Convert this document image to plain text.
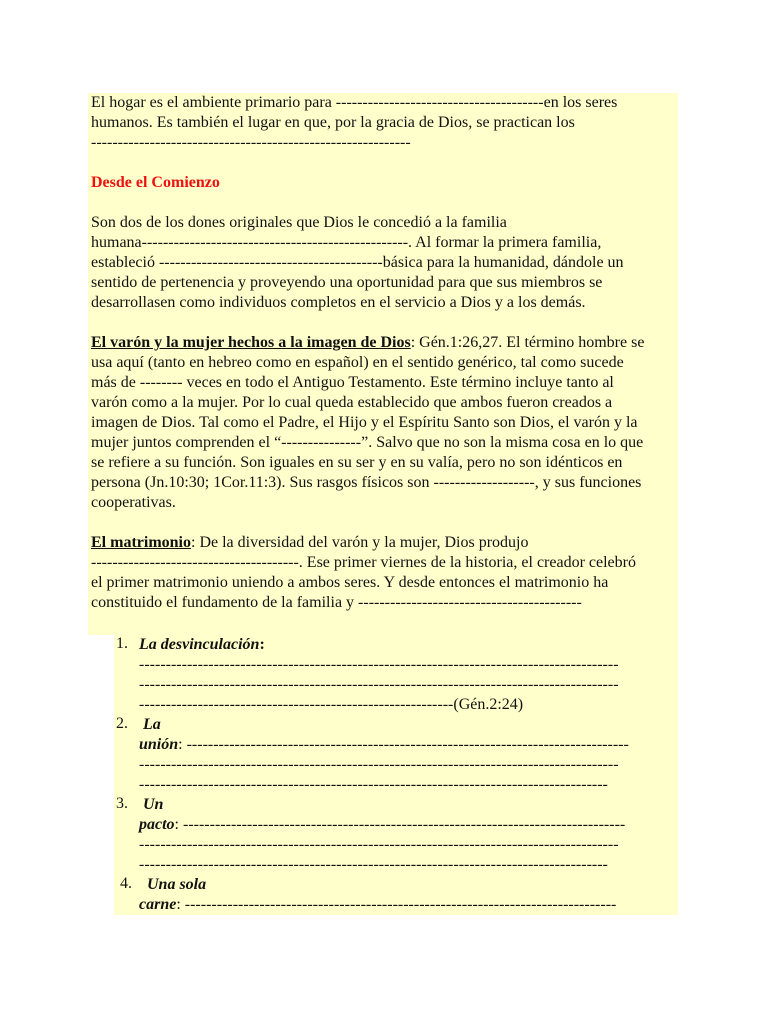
El hogar es el ambiente primario para ---------------------------------------en los seres

humanos. Es también el lugar en que, por la gracia de Dios, se practican los

------------------------------------------------------------

Desde el Comienzo

Son dos de los dones originales que Dios le concedió a la familia

humana--------------------------------------------------. Al formar la primera familia,

estableció ------------------------------------------básica para la humanidad, dándole un

sentido de pertenencia y proveyendo una oportunidad para que sus miembros se

desarrollasen como individuos completos en el servicio a Dios y a los demás.

El varón y la mujer hechos a la imagen de Dios: Gén.1:26,27. El término hombre se

usa aquí (tanto en hebreo como en español) en el sentido genérico, tal como sucede

más de -------- veces en todo el Antiguo Testamento. Este término incluye tanto al

varón como a la mujer. Por lo cual queda establecido que ambos fueron creados a

imagen de Dios. Tal como el Padre, el Hijo y el Espíritu Santo son Dios, el varón y la

mujer juntos comprenden el “---------------”. Salvo que no son la misma cosa en lo que

se refiere a su función. Son iguales en su ser y en su valía, pero no son idénticos en

persona (Jn.10:30; 1Cor.11:3). Sus rasgos físicos son -------------------, y sus funciones

cooperativas.

El matrimonio: De la diversidad del varón y la mujer, Dios produjo

---------------------------------------. Ese primer viernes de la historia, el creador celebró

el primer matrimonio uniendo a ambos seres. Y desde entonces el matrimonio ha

constituido el fundamento de la familia y ------------------------------------------

1. La desvinculación:

------------------------------------------------------------------------------------------

------------------------------------------------------------------------------------------

-----------------------------------------------------------(Gén.2:24)

2. La

unión: -----------------------------------------------------------------------------------

------------------------------------------------------------------------------------------

----------------------------------------------------------------------------------------

3. Un

pacto: -----------------------------------------------------------------------------------

------------------------------------------------------------------------------------------

----------------------------------------------------------------------------------------

4. Una sola

carne: ---------------------------------------------------------------------------------
